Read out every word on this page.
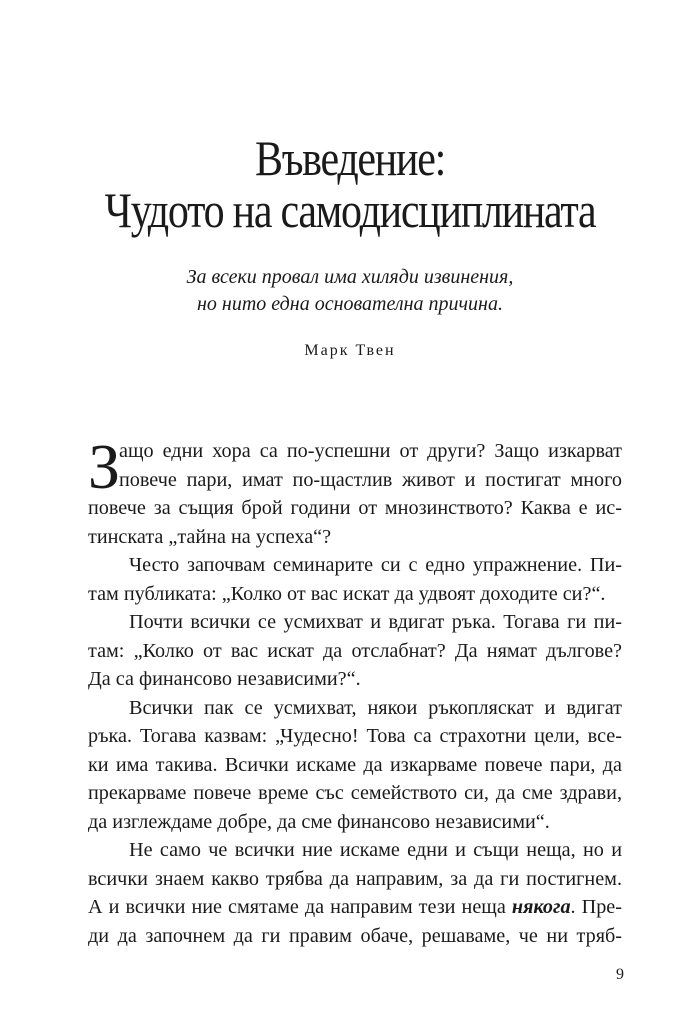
Въведение:
Чудото на самодисциплината
За всеки провал има хиляди извинения,
но нито една основателна причина.
Марк Твен
З
ащо едни хора са по-успешни от други? Защо изкарват
повече пари, имат по-щастлив живот и постигат много
повече за същия брой години от мнозинството? Каква е ис-
тинската „тайна на успеха“?
Често започвам семинарите си с едно упражнение. Пи-
там публиката: „Колко от вас искат да удвоят доходите си?“.
Почти всички се усмихват и вдигат ръка. Тогава ги пи-
там: „Колко от вас искат да отслабнат? Да нямат дългове?
Да са финансово независими?“.
Всички пак се усмихват, някои ръкопляскат и вдигат
ръка. Тогава казвам: „Чудесно! Това са страхотни цели, все-
ки има такива. Всички искаме да изкарваме повече пари, да
прекарваме повече време със семейството си, да сме здрави,
да изглеждаме добре, да сме финансово независими“.
Не само че всички ние искаме едни и същи неща, но и
всички знаем какво трябва да направим, за да ги постигнем.
А и всички ние смятаме да направим тези неща някога. Пре-
ди да започнем да ги правим обаче, решаваме, че ни тряб-
9
